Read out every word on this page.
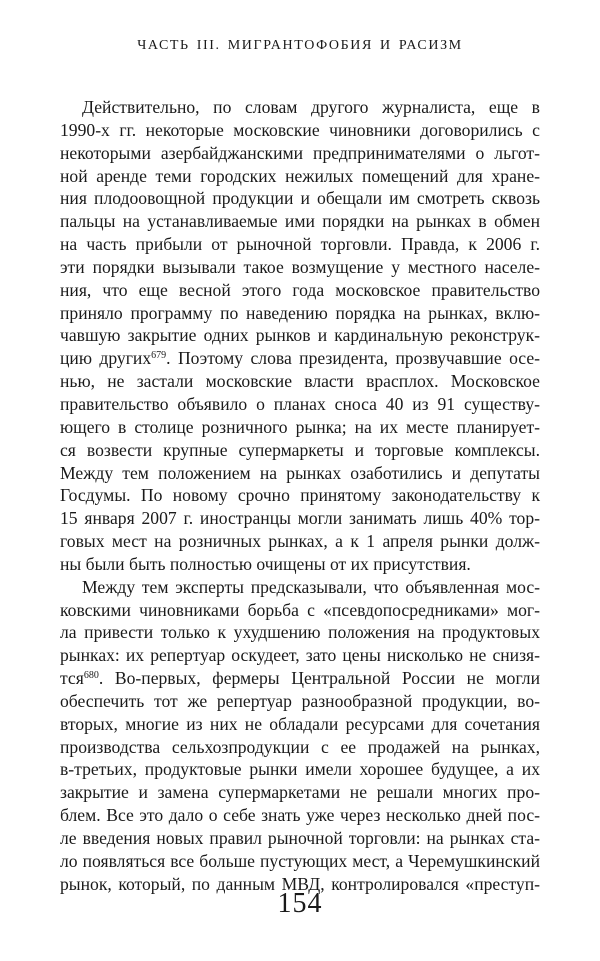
ЧАСТЬ III. МИГРАНТОФОБИЯ И РАСИЗМ
Действительно, по словам другого журналиста, еще в
1990-х гг. некоторые московские чиновники договорились с
некоторыми азербайджанскими предпринимателями о льгот-
ной аренде теми городских нежилых помещений для хране-
ния плодоовощной продукции и обещали им смотреть сквозь
пальцы на устанавливаемые ими порядки на рынках в обмен
на часть прибыли от рыночной торговли. Правда, к 2006 г.
эти порядки вызывали такое возмущение у местного населе-
ния, что еще весной этого года московское правительство
приняло программу по наведению порядка на рынках, вклю-
чавшую закрытие одних рынков и кардинальную реконструк-
цию других$^{679}$. Поэтому слова президента, прозвучавшие осе-
нью, не застали московские власти врасплох. Московское
правительство объявило о планах сноса 40 из 91 существу-
ющего в столице розничного рынка; на их месте планирует-
ся возвести крупные супермаркеты и торговые комплексы.
Между тем положением на рынках озаботились и депутаты
Госдумы. По новому срочно принятому законодательству к
15 января 2007 г. иностранцы могли занимать лишь 40% тор-
говых мест на розничных рынках, а к 1 апреля рынки долж-
ны были быть полностью очищены от их присутствия.
Между тем эксперты предсказывали, что объявленная мос-
ковскими чиновниками борьба с «псевдопосредниками» мог-
ла привести только к ухудшению положения на продуктовых
рынках: их репертуар оскудеет, зато цены нисколько не снизя-
тся$^{680}$. Во-первых, фермеры Центральной России не могли
обеспечить тот же репертуар разнообразной продукции, во-
вторых, многие из них не обладали ресурсами для сочетания
производства сельхозпродукции с ее продажей на рынках,
в-третьих, продуктовые рынки имели хорошее будущее, а их
закрытие и замена супермаркетами не решали многих про-
блем. Все это дало о себе знать уже через несколько дней пос-
ле введения новых правил рыночной торговли: на рынках ста-
ло появляться все больше пустующих мест, а Черемушкинский
рынок, который, по данным МВД, контролировался «преступ-
154
